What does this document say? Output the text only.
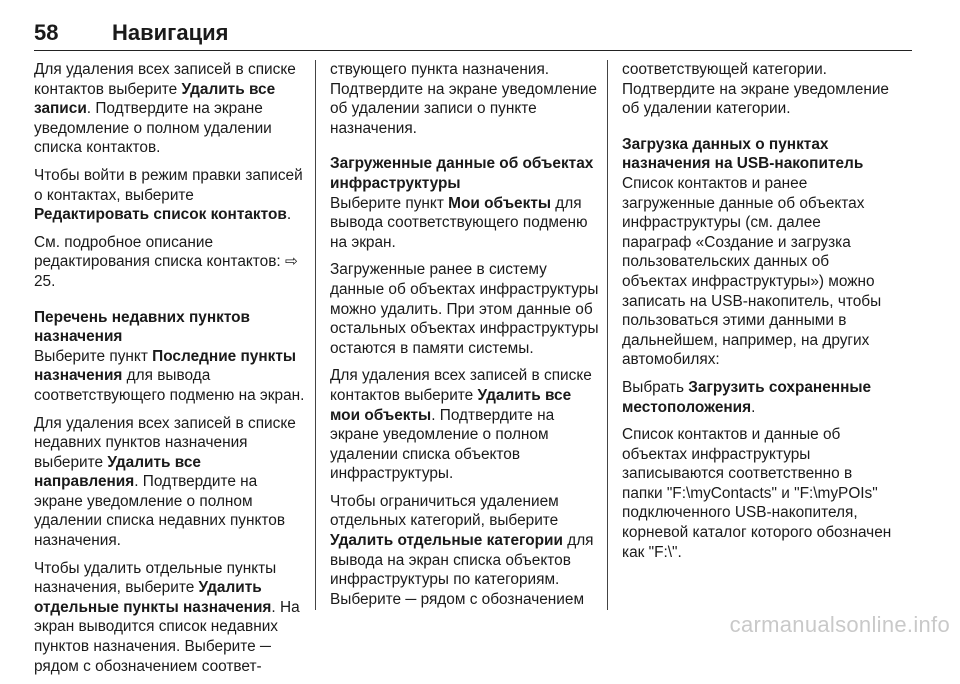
58	Навигация

Для удаления всех записей в списке контактов выберите Удалить все записи. Подтвердите на экране уведомление о полном удалении списка контактов.

Чтобы войти в режим правки записей о контактах, выберите Редактировать список контактов.

См. подробное описание редактирования списка контактов: ⇨ 25.

Перечень недавних пунктов назначения

Выберите пункт Последние пункты назначения для вывода соответствующего подменю на экран.

Для удаления всех записей в списке недавних пунктов назначения выберите Удалить все направления. Подтвердите на экране уведомление о полном удалении списка недавних пунктов назначения.

Чтобы удалить отдельные пункты назначения, выберите Удалить отдельные пункты назначения. На экран выводится список недавних пунктов назначения. Выберите ─ рядом с обозначением соответ-

ствующего пункта назначения. Подтвердите на экране уведомление об удалении записи о пункте назначения.

Загруженные данные об объектах инфраструктуры

Выберите пункт Мои объекты для вывода соответствующего подменю на экран.

Загруженные ранее в систему данные об объектах инфраструктуры можно удалить. При этом данные об остальных объектах инфраструктуры остаются в памяти системы.

Для удаления всех записей в списке контактов выберите Удалить все мои объекты. Подтвердите на экране уведомление о полном удалении списка объектов инфраструктуры.

Чтобы ограничиться удалением отдельных категорий, выберите Удалить отдельные категории для вывода на экран списка объектов инфраструктуры по категориям. Выберите ─ рядом с обозначением

соответствующей категории. Подтвердите на экране уведомление об удалении категории.

Загрузка данных о пунктах назначения на USB-накопитель

Список контактов и ранее загруженные данные об объектах инфраструктуры (см. далее параграф «Создание и загрузка пользовательских данных об объектах инфраструктуры») можно записать на USB-накопитель, чтобы пользоваться этими данными в дальнейшем, например, на других автомобилях:

Выбрать Загрузить сохраненные местоположения.

Список контактов и данные об объектах инфраструктуры записываются соответственно в папки "F:\myContacts" и "F:\myPOIs" подключенного USB-накопителя, корневой каталог которого обозначен как "F:\".

carmanualsonline.info
